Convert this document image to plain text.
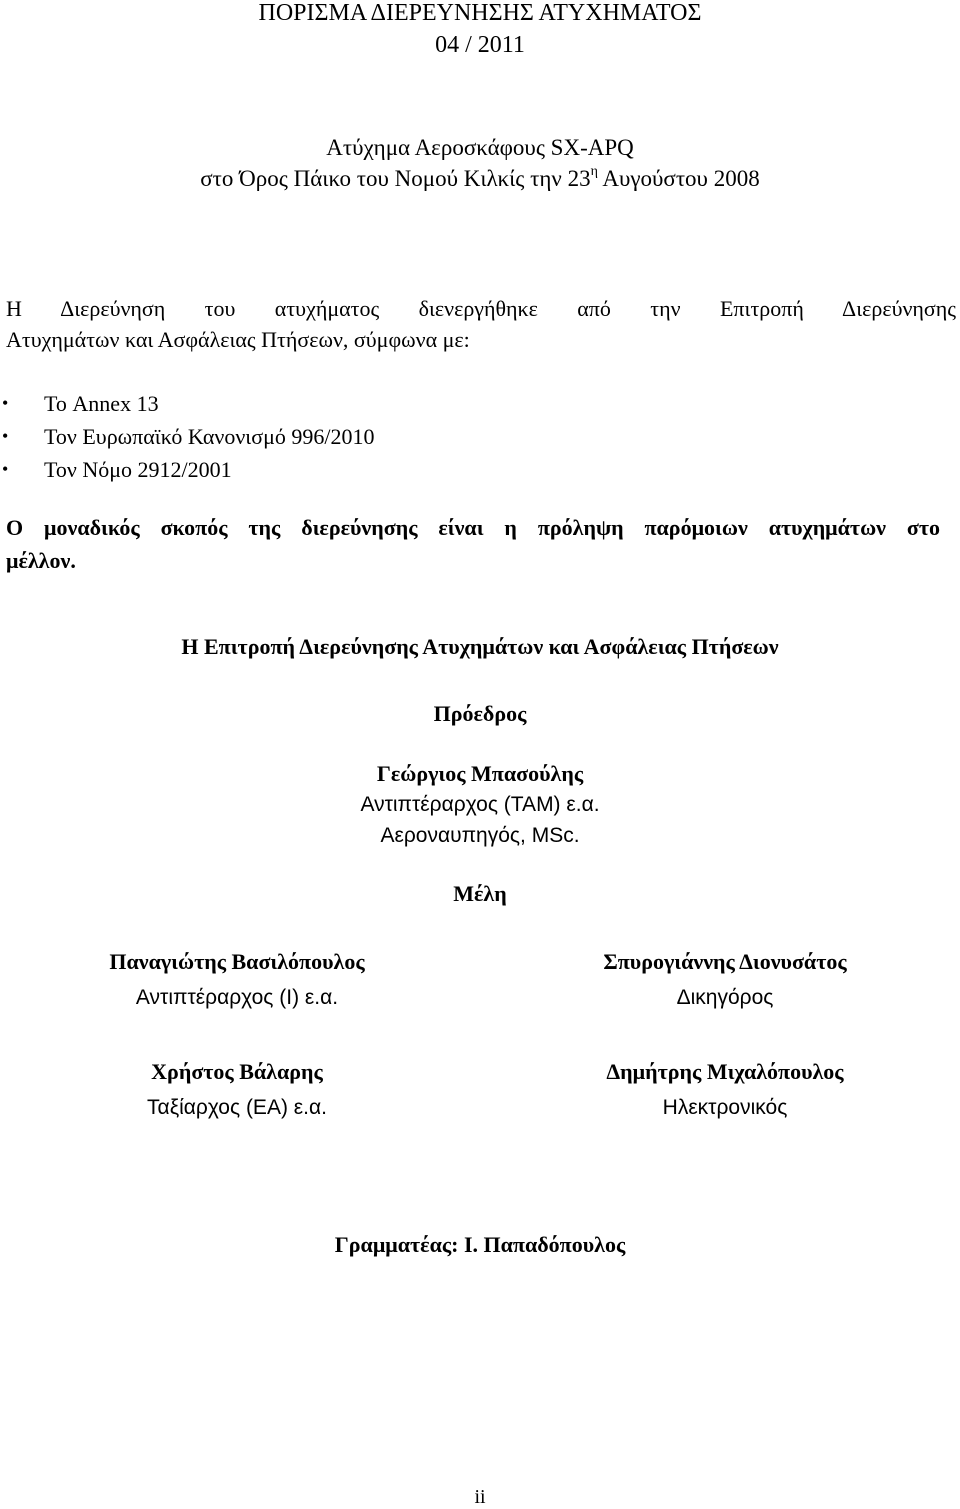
ΠΟΡΙΣΜΑ ΔΙΕΡΕΥΝΗΣΗΣ ΑΤΥΧΗΜΑΤΟΣ
04 / 2011
Ατύχημα Αεροσκάφους SX-APQ
στο Όρος Πάικο του Νομού Κιλκίς την $23^\eta$ Αυγούστου 2008
Η Διερεύνηση του ατυχήματος διενεργήθηκε από την Επιτροπή Διερεύνησης
Ατυχημάτων και Ασφάλειας Πτήσεων, σύμφωνα με:
•	Το Annex 13
•	Τον Ευρωπαϊκό Κανονισμό 996/2010
•	Τον Νόμο 2912/2001
Ο μοναδικός σκοπός της διερεύνησης είναι η πρόληψη παρόμοιων ατυχημάτων στο
μέλλον.
Η Επιτροπή Διερεύνησης Ατυχημάτων και Ασφάλειας Πτήσεων
Πρόεδρος
Γεώργιος Μπασούλης
Αντιπτέραρχος (ΤΑΜ) ε.α.
Αεροναυπηγός, MSc.
Μέλη
Παναγιώτης Βασιλόπουλος
Αντιπτέραρχος (Ι) ε.α.
Σπυρογιάννης Διονυσάτος
Δικηγόρος
Χρήστος Βάλαρης
Ταξίαρχος (ΕΑ) ε.α.
Δημήτρης Μιχαλόπουλος
Ηλεκτρονικός
Γραμματέας: Ι. Παπαδόπουλος
ii
